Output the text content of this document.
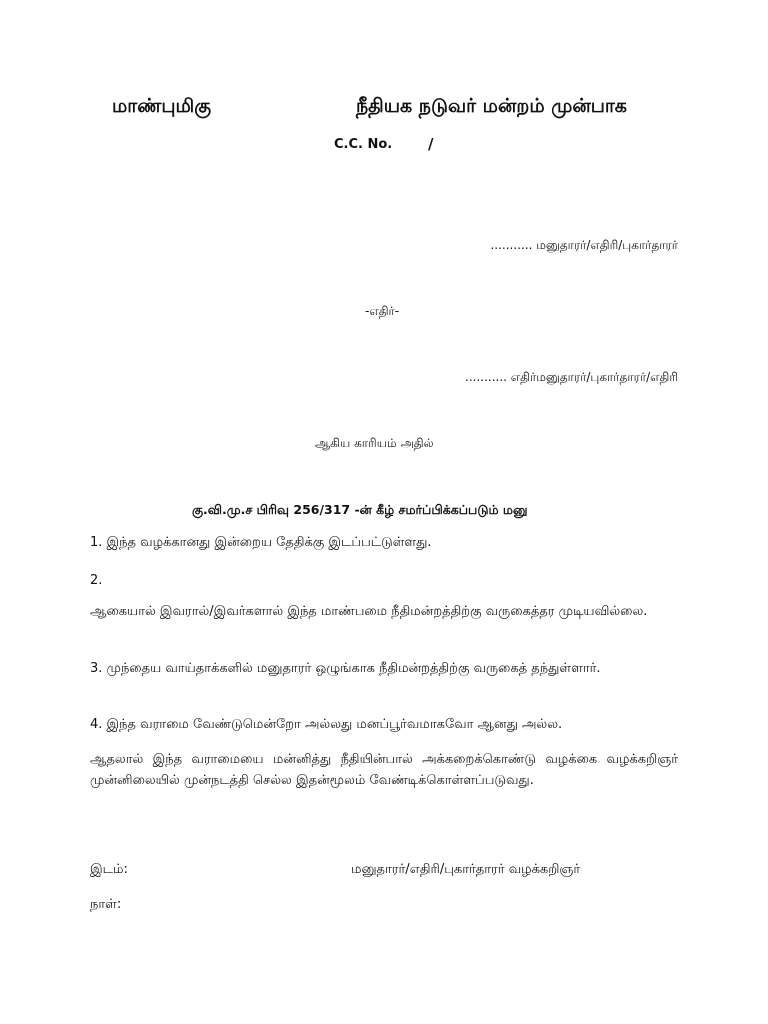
மாண்புமிகு	நீதியக நடுவர் மன்றம் முன்பாக

C.C. No. /

........... மனுதாரர்/எதிரி/புகார்தாரர்

-எதிர்-

........... எதிர்மனுதாரர்/புகார்தாரர்/எதிரி

ஆகிய காரியம் அதில்

கு.வி.மு.ச பிரிவு 256/317 -ன் கீழ் சமர்ப்பிக்கப்படும் மனு

1. இந்த வழக்கானது இன்றைய தேதிக்கு இடப்பட்டுள்ளது.

2.

ஆகையால் இவரால்/இவர்களால் இந்த மாண்பமை நீதிமன்றத்திற்கு வருகைத்தர முடியவில்லை.

3. முந்தைய வாய்தாக்களில் மனுதாரர் ஒழுங்காக நீதிமன்றத்திற்கு வருகைத் தந்துள்ளார்.

4. இந்த வராமை வேண்டுமென்றோ அல்லது மனப்பூர்வமாகவோ ஆனது அல்ல.

ஆதலால் இந்த வராமையை மன்னித்து நீதியின்பால் அக்கறைக்கொண்டு வழக்கை வழக்கறிஞர் முன்னிலையில் முன்நடத்தி செல்ல இதன்மூலம் வேண்டிக்கொள்ளப்படுவது.

இடம்:	மனுதாரர்/எதிரி/புகார்தாரர் வழக்கறிஞர்

நாள்:
